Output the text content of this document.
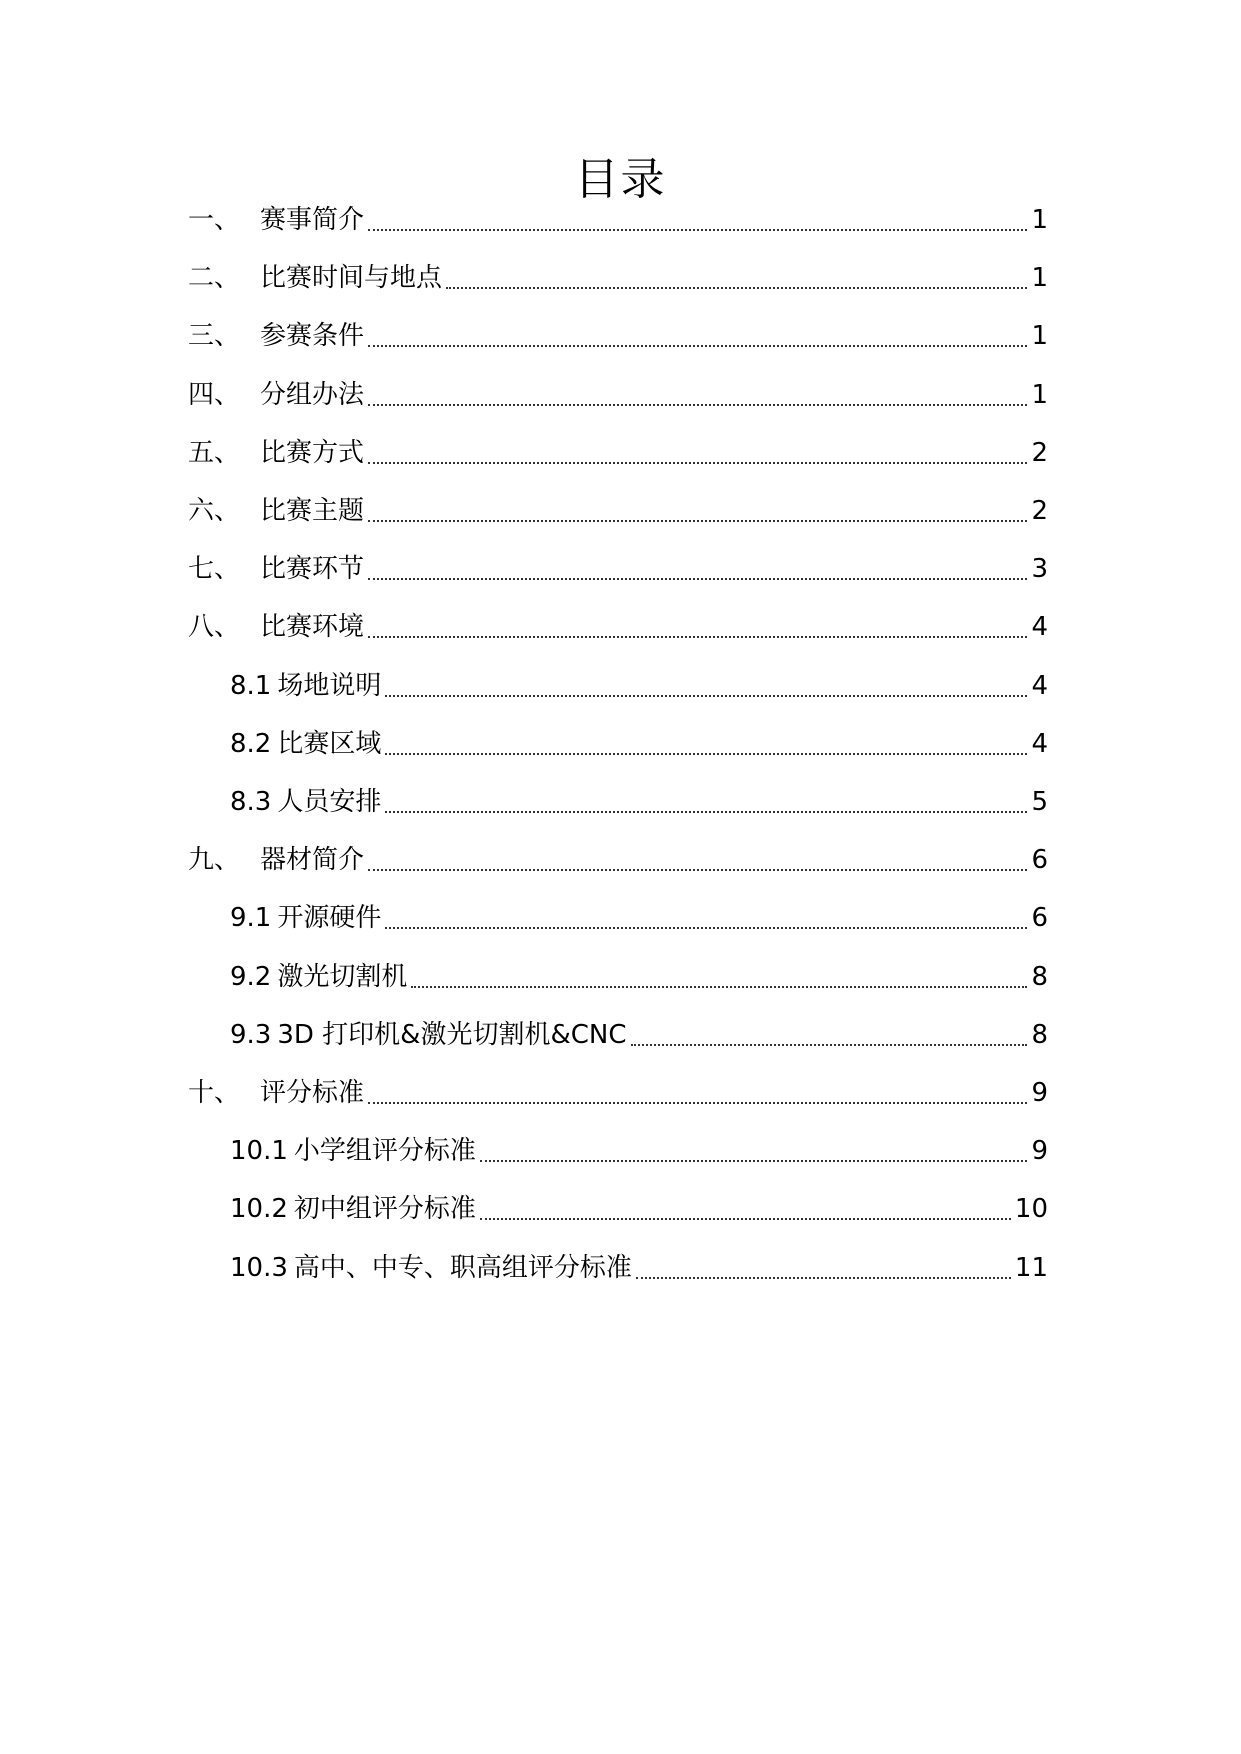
目录
一、 赛事简介	1
二、 比赛时间与地点	1
三、 参赛条件	1
四、 分组办法	1
五、 比赛方式	2
六、 比赛主题	2
七、 比赛环节	3
八、 比赛环境	4
8.1 场地说明	4
8.2 比赛区域	4
8.3 人员安排	5
九、 器材简介	6
9.1 开源硬件	6
9.2 激光切割机	8
9.3 3D 打印机&激光切割机&CNC	8
十、 评分标准	9
10.1 小学组评分标准	9
10.2 初中组评分标准	10
10.3 高中、中专、职高组评分标准	11
